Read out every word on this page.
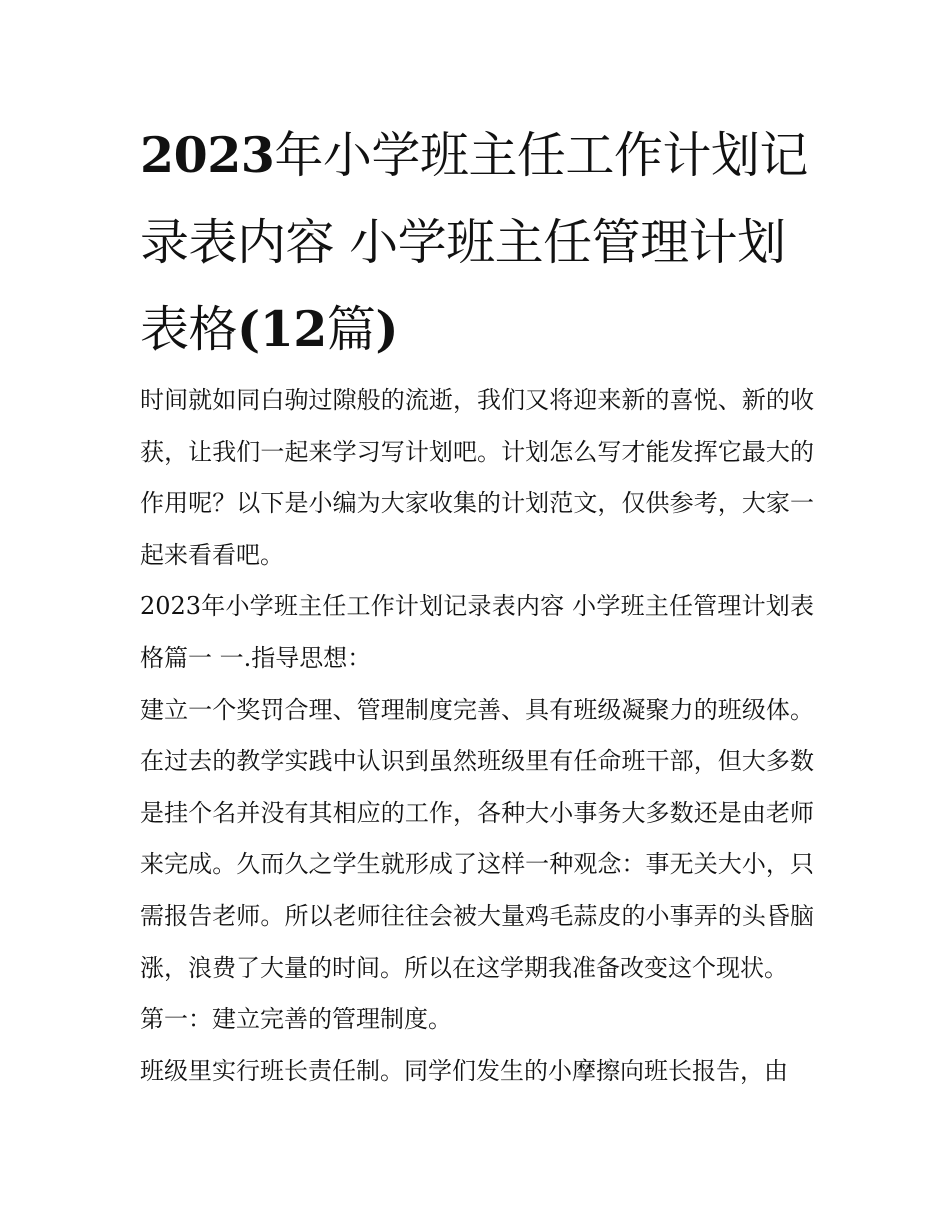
2023年小学班主任工作计划记
录表内容 小学班主任管理计划
表格(12篇)

时间就如同白驹过隙般的流逝，我们又将迎来新的喜悦、新的收获，让我们一起来学习写计划吧。计划怎么写才能发挥它最大的作用呢？以下是小编为大家收集的计划范文，仅供参考，大家一起来看看吧。

2023年小学班主任工作计划记录表内容 小学班主任管理计划表格篇一 一.指导思想：

建立一个奖罚合理、管理制度完善、具有班级凝聚力的班级体。在过去的教学实践中认识到虽然班级里有任命班干部，但大多数是挂个名并没有其相应的工作，各种大小事务大多数还是由老师来完成。久而久之学生就形成了这样一种观念：事无关大小，只需报告老师。所以老师往往会被大量鸡毛蒜皮的小事弄的头昏脑涨，浪费了大量的时间。所以在这学期我准备改变这个现状。

第一：建立完善的管理制度。

班级里实行班长责任制。同学们发生的小摩擦向班长报告，由
